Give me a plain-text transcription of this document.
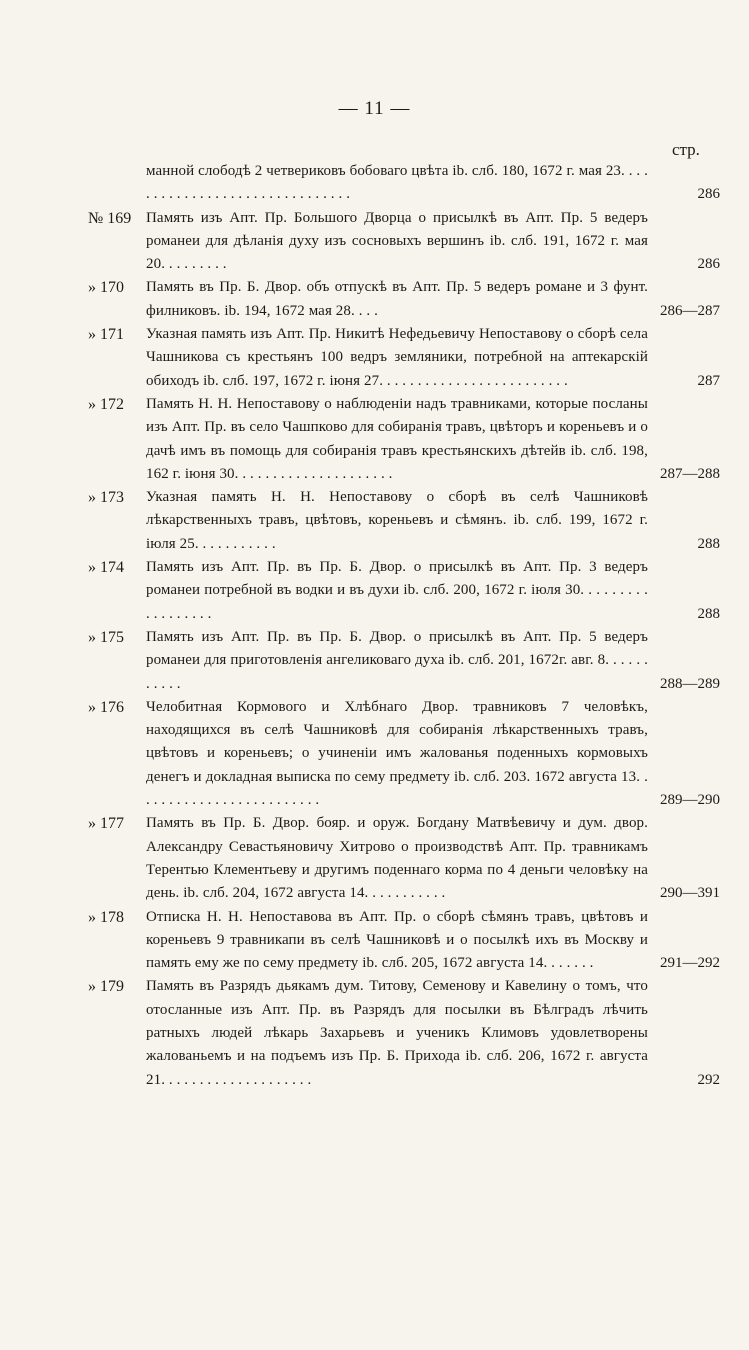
— 11 —
стр.
манной слободѣ 2 четвериковъ бобоваго цвѣта ib. слб. 180, 1672 г. мая 23. . . . . . . . . . . . . . . . . . . . . . . . . . . . . . .	286
№ 169 Память изъ Апт. Пр. Большого Дворца о присылкѣ въ Апт. Пр. 5 ведеръ романеи для дѣланія духу изъ сосновыхъ вершинъ ib. слб. 191, 1672 г. мая 20. . . . . . . . .	286
» 170	Память въ Пр. Б. Двор. объ отпускѣ въ Апт. Пр. 5 ведеръ романе и 3 фунт. филниковъ. ib. 194, 1672 мая 28. . . .	286—287
» 171	Указная память изъ Апт. Пр. Никитѣ Нефедьевичу Непоставову о сборѣ села Чашникова съ крестьянъ 100 ведръ земляники, потребной на аптекарскій обиходъ ib. слб. 197, 1672 г. іюня 27. . . . . . . . . . . . . . . . . . . . . . . . .	287
» 172	Память Н. Н. Непоставову о наблюденіи надъ травниками, которые посланы изъ Апт. Пр. въ село Чашпково для собиранія травъ, цвѣторъ и кореньевъ и о дачѣ имъ въ помощь для собиранія травъ крестьянскихъ дѣтейв ib. слб. 198, 162 г. іюня 30. . . . . . . . . . . . . . . . . . . . .	287—288
» 173	Указная память Н. Н. Непоставову о сборѣ въ селѣ Чашниковѣ лѣкарственныхъ травъ, цвѣтовъ, кореньевъ и сѣмянъ. ib. слб. 199, 1672 г. іюля 25. . . . . . . . . . .	288
» 174	Память изъ Апт. Пр. въ Пр. Б. Двор. о присылкѣ въ Апт. Пр. 3 ведеръ романеи потребной въ водки и въ духи ib. слб. 200, 1672 г. іюля 30. . . . . . . . . . . . . . . . . .	288
» 175	Память изъ Апт. Пр. въ Пр. Б. Двор. о присылкѣ въ Апт. Пр. 5 ведеръ романеи для приготовленія ангеликоваго духа ib. слб. 201, 1672г. авг. 8. . . . . . . . . . .	288—289
» 176	Челобитная Кормового и Хлѣбнаго Двор. травниковъ 7 человѣкъ, находящихся въ селѣ Чашниковѣ для собиранія лѣкарственныхъ травъ, цвѣтовъ и кореньевъ; о учиненіи имъ жалованья поденныхъ кормовыхъ денегъ и докладная выписка по сему предмету ib. слб. 203. 1672 августа 13. . . . . . . . . . . . . . . . . . . . . . . . .	289—290
» 177	Память въ Пр. Б. Двор. бояр. и оруж. Богдану Матвѣевичу и дум. двор. Александру Севастьяновичу Хитрово о производствѣ Апт. Пр. травникамъ Терентью Клементьеву и другимъ поденнаго корма по 4 деньги человѣку на день. ib. слб. 204, 1672 августа 14. . . . . . . . . . .	290—391
» 178	Отписка Н. Н. Непоставова въ Апт. Пр. о сборѣ сѣмянъ травъ, цвѣтовъ и кореньевъ 9 травникапи въ селѣ Чашниковѣ и о посылкѣ ихъ въ Москву и память ему же по сему предмету ib. слб. 205, 1672 августа 14. . . . . . .	291—292
» 179	Память въ Разрядъ дьякамъ дум. Титову, Семенову и Кавелину о томъ, что отосланные изъ Апт. Пр. въ Разрядъ для посылки въ Бѣлградъ лѣчить ратныхъ людей лѣкарь Захарьевъ и ученикъ Климовъ удовлетворены жалованьемъ и на подъемъ изъ Пр. Б. Прихода ib. слб. 206, 1672 г. августа 21. . . . . . . . . . . . . . . . . . . .	292
